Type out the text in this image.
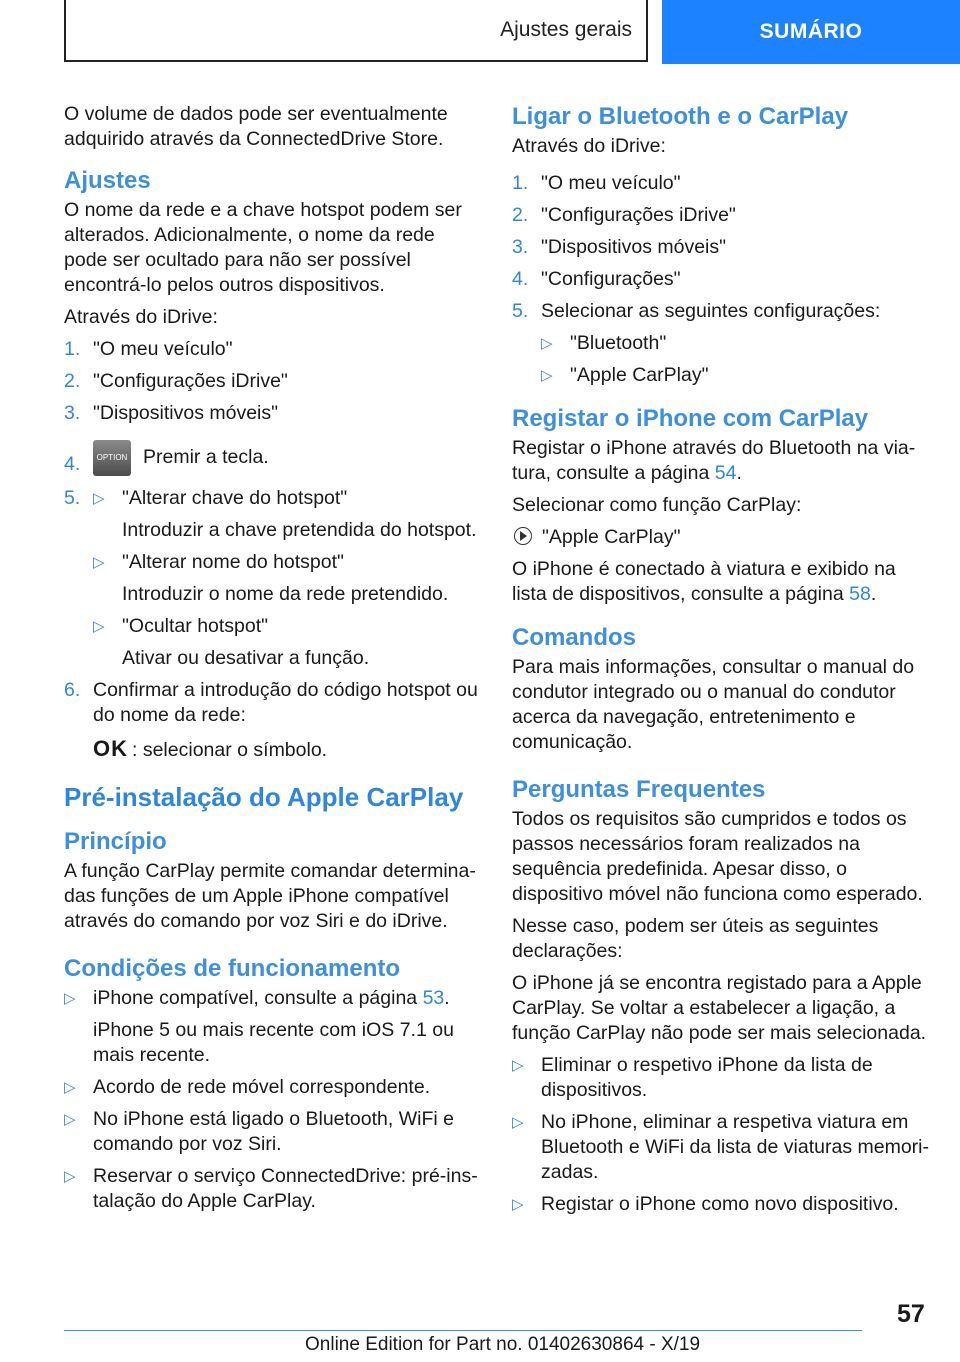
Ajustes gerais	SUMÁRIO

O volume de dados pode ser eventualmente adquirido através da ConnectedDrive Store.

Ajustes

O nome da rede e a chave hotspot podem ser alterados. Adicionalmente, o nome da rede pode ser ocultado para não ser possível encontrá-lo pelos outros dispositivos.

Através do iDrive:

1. "O meu veículo"
2. "Configurações iDrive"
3. "Dispositivos móveis"
4. OPTION Premir a tecla.
5. ▷ "Alterar chave do hotspot"

Introduzir a chave pretendida do hotspot.

▷ "Alterar nome do hotspot"

Introduzir o nome da rede pretendido.

▷ "Ocultar hotspot"

Ativar ou desativar a função.

6. Confirmar a introdução do código hotspot ou do nome da rede:

OK : selecionar o símbolo.

Pré-instalação do Apple CarPlay
Princípio

A função CarPlay permite comandar determinadas funções de um Apple iPhone compatível através do comando por voz Siri e do iDrive.

Condições de funcionamento
▷ iPhone compatível, consulte a página 53.

iPhone 5 ou mais recente com iOS 7.1 ou mais recente.

▷ Acordo de rede móvel correspondente.
▷ No iPhone está ligado o Bluetooth, WiFi e comando por voz Siri.
▷ Reservar o serviço ConnectedDrive: pré-instalação do Apple CarPlay.
Ligar o Bluetooth e o CarPlay

Através do iDrive:

1. "O meu veículo"
2. "Configurações iDrive"
3. "Dispositivos móveis"
4. "Configurações"
5. Selecionar as seguintes configurações:
▷ "Bluetooth"
▷ "Apple CarPlay"
Registar o iPhone com CarPlay

Registar o iPhone através do Bluetooth na viatura, consulte a página 54.

Selecionar como função CarPlay:

"Apple CarPlay"

O iPhone é conectado à viatura e exibido na lista de dispositivos, consulte a página 58.

Comandos

Para mais informações, consultar o manual do condutor integrado ou o manual do condutor acerca da navegação, entretenimento e comunicação.

Perguntas Frequentes

Todos os requisitos são cumpridos e todos os passos necessários foram realizados na sequência predefinida. Apesar disso, o dispositivo móvel não funciona como esperado.

Nesse caso, podem ser úteis as seguintes declarações:

O iPhone já se encontra registado para a Apple CarPlay. Se voltar a estabelecer a ligação, a função CarPlay não pode ser mais selecionada.

▷ Eliminar o respetivo iPhone da lista de dispositivos.
▷ No iPhone, eliminar a respetiva viatura em Bluetooth e WiFi da lista de viaturas memorizadas.
▷ Registar o iPhone como novo dispositivo.
57
Online Edition for Part no. 01402630864 - X/19
